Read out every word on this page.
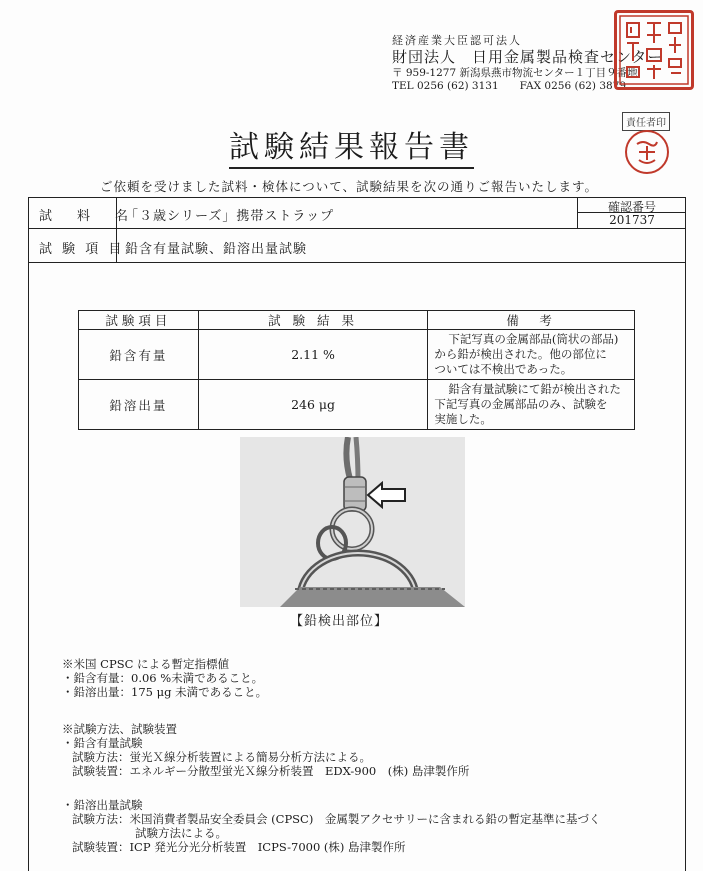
経済産業大臣認可法人
財団法人　日用金属製品検査センター
〒 959-1277 新潟県燕市物流センター１丁目９番地
TEL 0256 (62) 3131　　FAX 0256 (62) 3879
責任者印
試験結果報告書
ご依頼を受けました試料・検体について、試験結果を次の通りご報告いたします。
試　料　名
「３歳シリーズ」携帯ストラップ
確認番号
201737
試 験 項 目 鉛含有量試験、鉛溶出量試験
試験項目	試 験 結 果	備　考
鉛含有量	2.11 %	下記写真の金属部品(筒状の部品)
から鉛が検出された。他の部位に
ついては不検出であった。

鉛溶出量	246 μg	鉛含有量試験にて鉛が検出された
下記写真の金属部品のみ、試験を
実施した。
【鉛検出部位】
※米国 CPSC による暫定指標値
・鉛含有量：0.06 %未満であること。
・鉛溶出量：175 μg 未満であること。
※試験方法、試験装置
・鉛含有量試験
試験方法：蛍光Ｘ線分析装置による簡易分析方法による。
試験装置：エネルギー分散型蛍光Ｘ線分析装置　EDX-900　(株) 島津製作所
・鉛溶出量試験
試験方法：米国消費者製品安全委員会 (CPSC)　金属製アクセサリーに含まれる鉛の暫定基準に基づく
試験方法による。
試験装置：ICP 発光分光分析装置　ICPS-7000 (株) 島津製作所
